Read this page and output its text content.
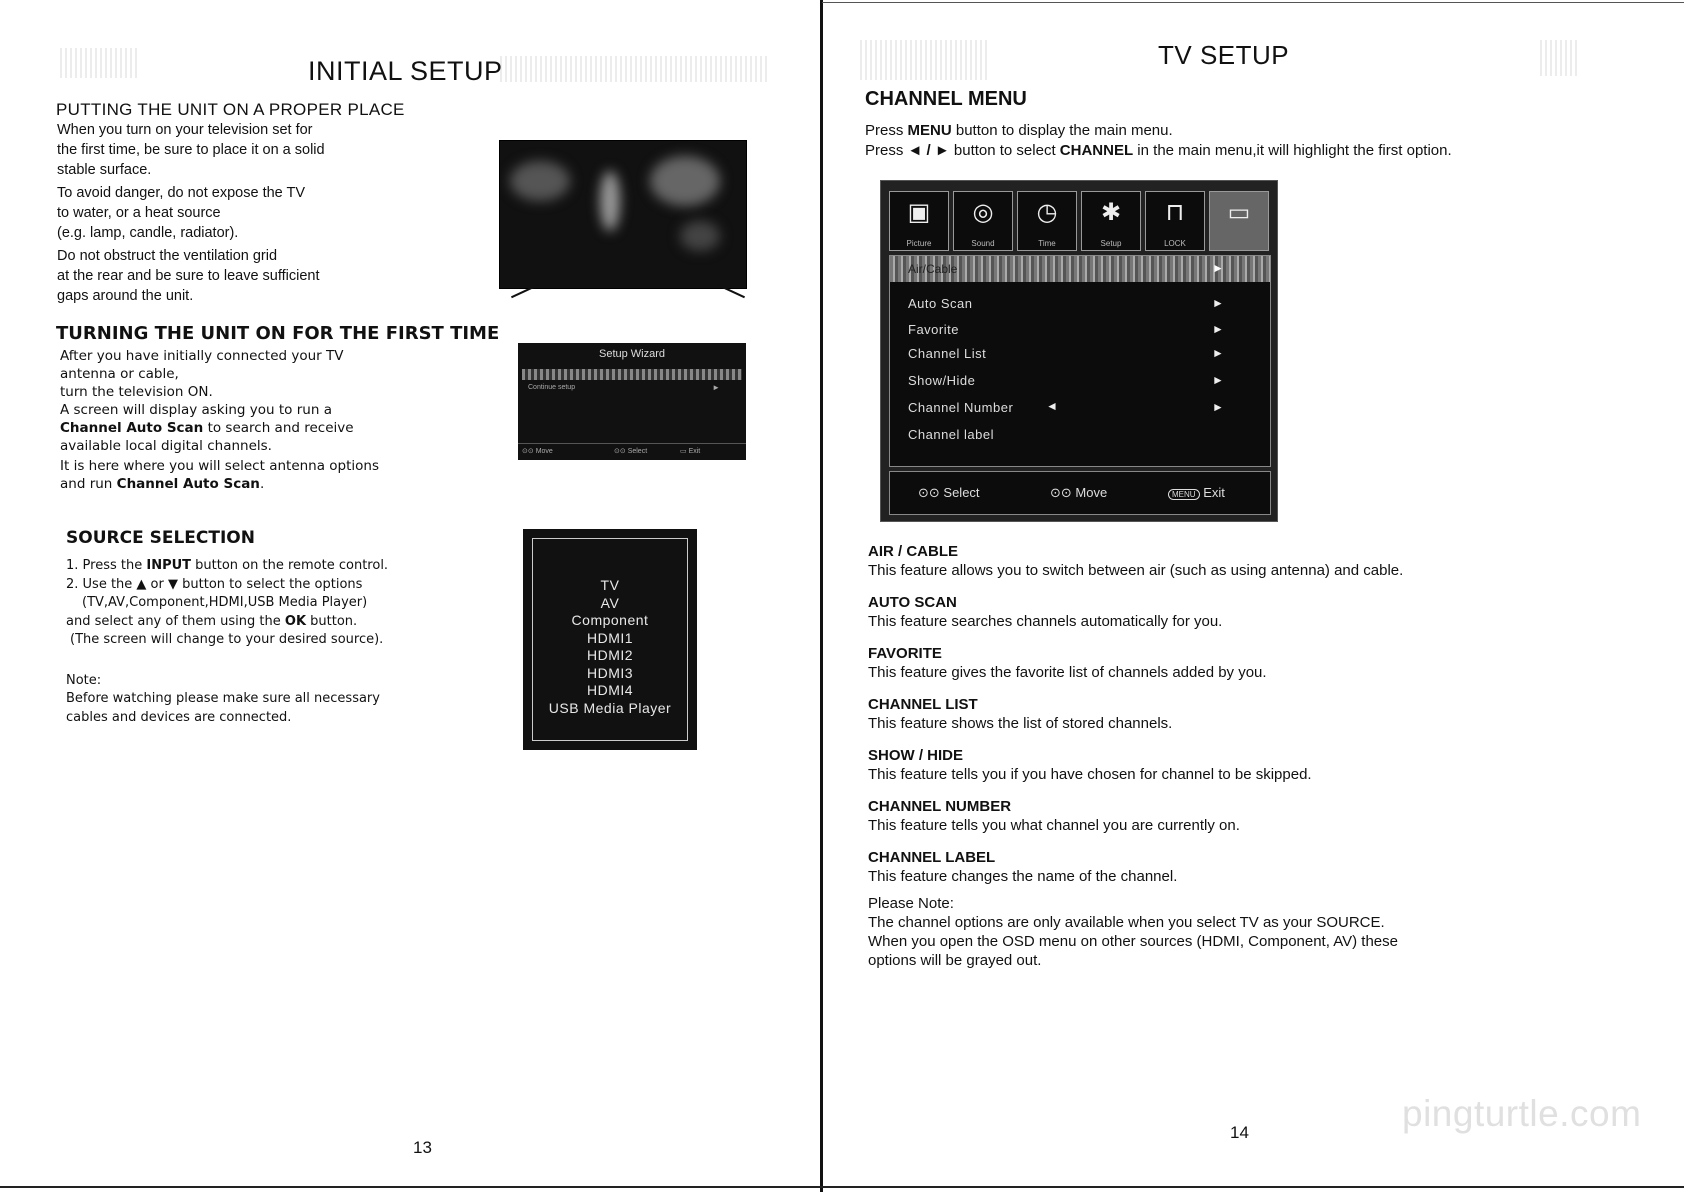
INITIAL SETUP
PUTTING THE UNIT ON A PROPER PLACE
When you turn on your television set for
the first time, be sure to place it on a solid
stable surface.
To avoid danger, do not expose the TV
to water, or a heat source
(e.g. lamp, candle, radiator).
Do not obstruct the ventilation grid
at the rear and be sure to leave sufficient
gaps around the unit.
TURNING THE UNIT ON FOR THE FIRST TIME
After you have initially connected your TV
antenna or cable,
turn the television ON.
A screen will display asking you to run a
Channel Auto Scan to search and receive
available local digital channels.
It is here where you will select antenna options
and run Channel Auto Scan.
Setup Wizard
Continue setup	►
⊙⊙ Move	⊙⊙ Select	▭ Exit
SOURCE SELECTION
1. Press the INPUT button on the remote control.
2. Use the ▲ or ▼ button to select the options
(TV,AV,Component,HDMI,USB Media Player)
and select any of them using the OK button.
(The screen will change to your desired source).
Note:
Before watching please make sure all necessary
cables and devices are connected.
TV
AV
Component
HDMI1
HDMI2
HDMI3
HDMI4
USB Media Player
13
TV SETUP
CHANNEL MENU
Press MENU button to display the main menu.
Press ◄ / ► button to select CHANNEL in the main menu,it will highlight the first option.
▣
Picture
◎
Sound
◷
Time
✱
Setup
⊓
LOCK
▭
Air/Cable	►
Auto Scan	►
Favorite	►
Channel List	►
Show/Hide	►
Channel Number	◄	►
Channel label
⊙⊙ Select	⊙⊙ Move	MENU Exit
AIR / CABLE
This feature allows you to switch between air (such as using antenna) and cable.
AUTO SCAN
This feature searches channels automatically for you.
FAVORITE
This feature gives the favorite list of channels added by you.
CHANNEL LIST
This feature shows the list of stored channels.
SHOW / HIDE
This feature tells you if you have chosen for channel to be skipped.
CHANNEL NUMBER
This feature tells you what channel you are currently on.
CHANNEL LABEL
This feature changes the name of the channel.
Please Note:
The channel options are only available when you select TV as your SOURCE.
When you open the OSD menu on other sources (HDMI, Component, AV) these
options will be grayed out.
14	pingturtle.com
